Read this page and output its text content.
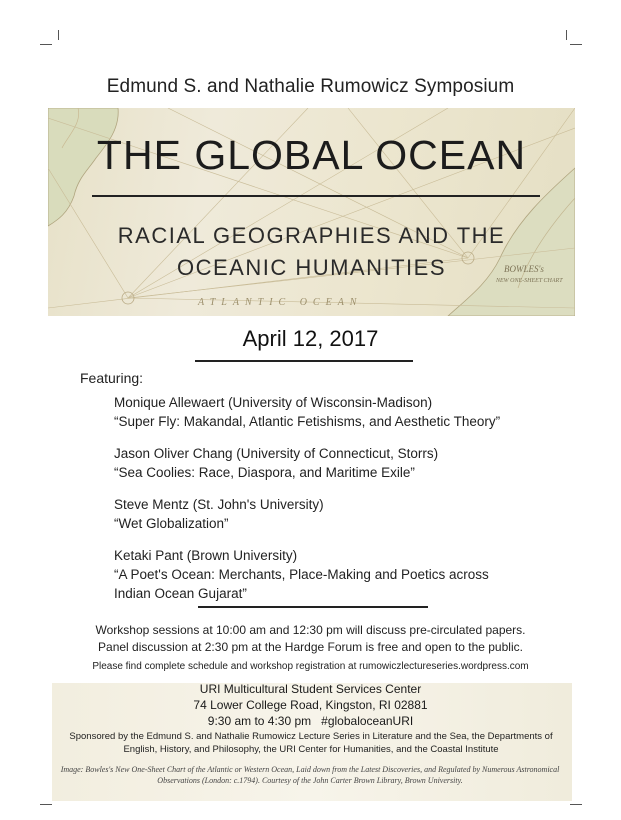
Edmund S. and Nathalie Rumowicz Symposium
ATLANTIC OCEAN
BOWLES's
NEW ONE-SHEET CHART
THE GLOBAL OCEAN
RACIAL GEOGRAPHIES AND THE
OCEANIC HUMANITIES
April 12, 2017
Featuring:
Monique Allewaert (University of Wisconsin-Madison)
“Super Fly: Makandal, Atlantic Fetishisms, and Aesthetic Theory”
Jason Oliver Chang (University of Connecticut, Storrs)
“Sea Coolies: Race, Diaspora, and Maritime Exile”
Steve Mentz (St. John's University)
“Wet Globalization”
Ketaki Pant (Brown University)
“A Poet's Ocean: Merchants, Place-Making and Poetics across
Indian Ocean Gujarat”
Workshop sessions at 10:00 am and 12:30 pm will discuss pre-circulated papers.
Panel discussion at 2:30 pm at the Hardge Forum is free and open to the public.
Please find complete schedule and workshop registration at rumowiczlectureseries.wordpress.com
URI Multicultural Student Services Center
74 Lower College Road, Kingston, RI 02881
9:30 am to 4:30 pm   #globaloceanURI
Sponsored by the Edmund S. and Nathalie Rumowicz Lecture Series in Literature and the Sea, the Departments of
English, History, and Philosophy, the URI Center for Humanities, and the Coastal Institute
Image: Bowles's New One-Sheet Chart of the Atlantic or Western Ocean, Laid down from the Latest Discoveries, and Regulated by Numerous Astronomical
Observations (London: c.1794). Courtesy of the John Carter Brown Library, Brown University.
